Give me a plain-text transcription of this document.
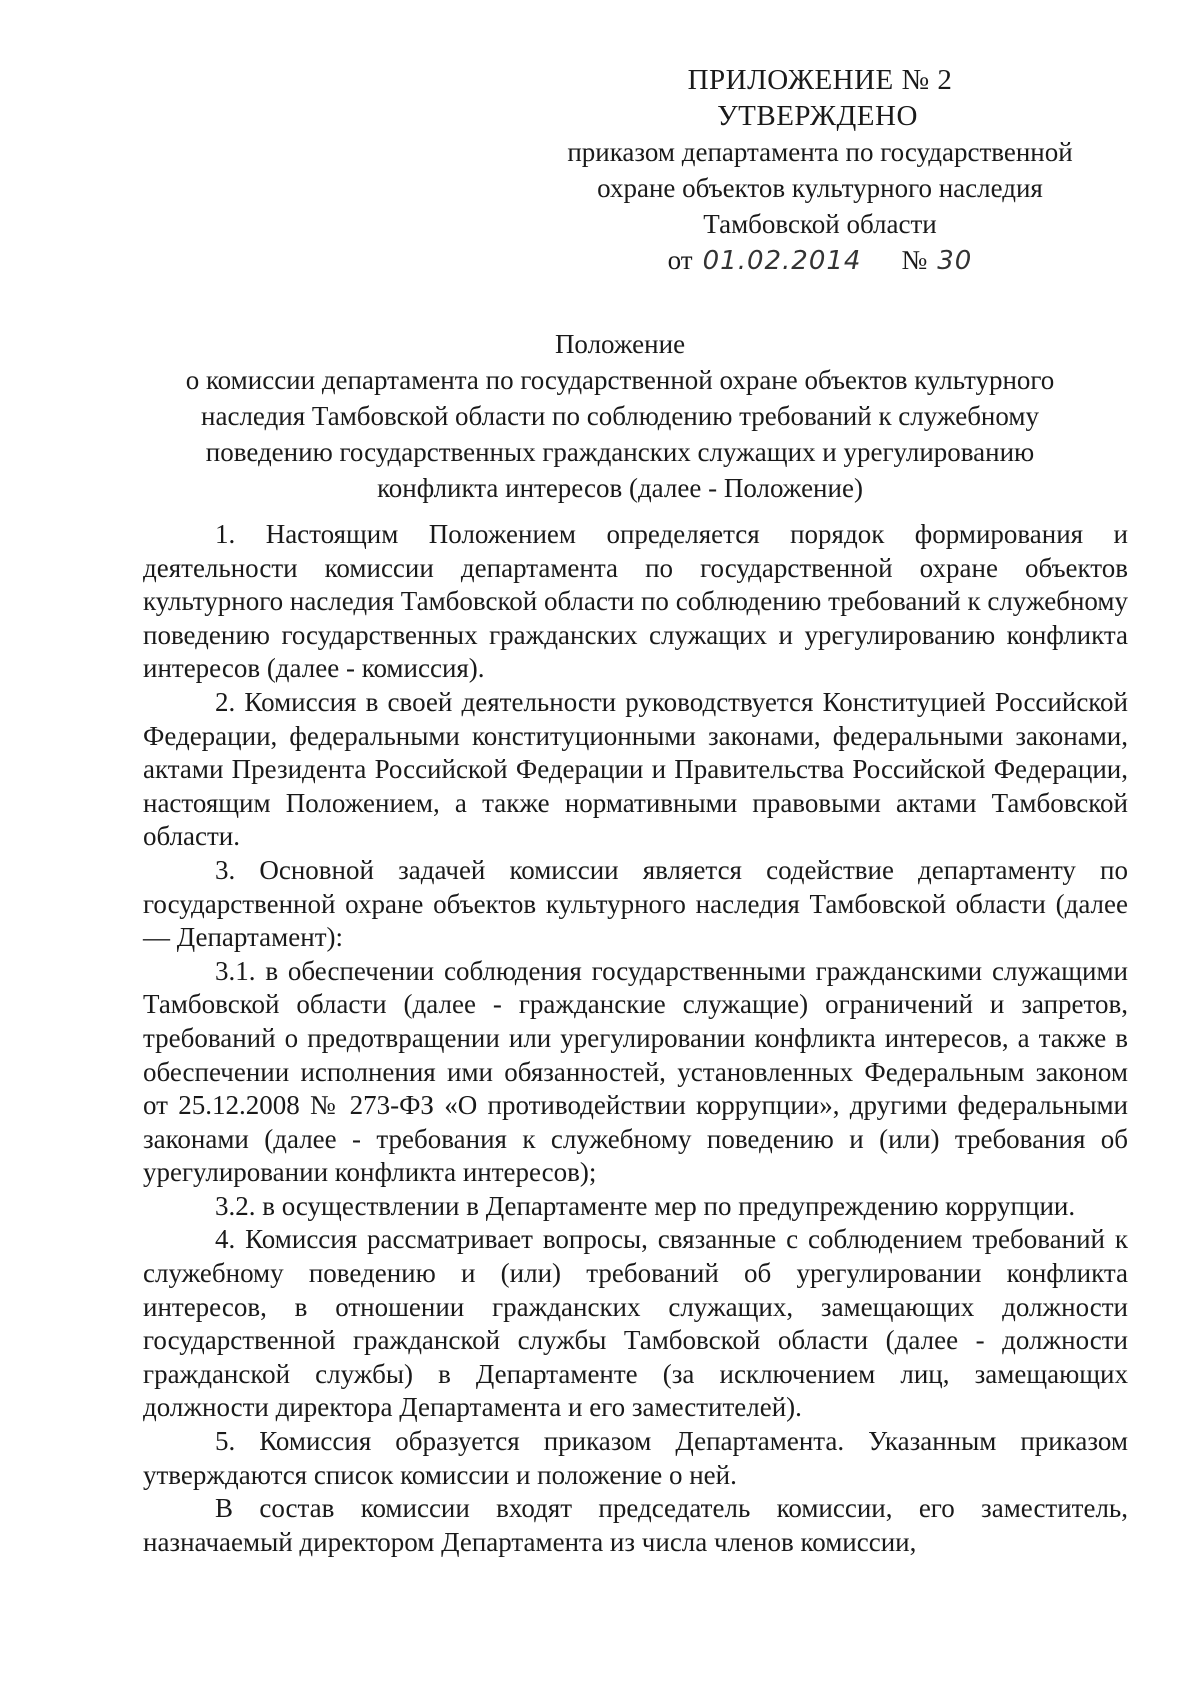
ПРИЛОЖЕНИЕ № 2
УТВЕРЖДЕНО
приказом департамента по государственной
охране объектов культурного наследия
Тамбовской области
от 01.02.2014 № 30
Положение
о комиссии департамента по государственной охране объектов культурного
наследия Тамбовской области по соблюдению требований к служебному
поведению государственных гражданских служащих и урегулированию
конфликта интересов (далее - Положение)

1. Настоящим Положением определяется порядок формирования и деятельности комиссии департамента по государственной охране объектов культурного наследия Тамбовской области по соблюдению требований к служебному поведению государственных гражданских служащих и урегулированию конфликта интересов (далее - комиссия).

2. Комиссия в своей деятельности руководствуется Конституцией Российской Федерации, федеральными конституционными законами, федеральными законами, актами Президента Российской Федерации и Правительства Российской Федерации, настоящим Положением, а также нормативными правовыми актами Тамбовской области.

3. Основной задачей комиссии является содействие департаменту по государственной охране объектов культурного наследия Тамбовской области (далее — Департамент):

3.1. в обеспечении соблюдения государственными гражданскими служащими Тамбовской области (далее - гражданские служащие) ограничений и запретов, требований о предотвращении или урегулировании конфликта интересов, а также в обеспечении исполнения ими обязанностей, установленных Федеральным законом от 25.12.2008 № 273-ФЗ «О противодействии коррупции», другими федеральными законами (далее - требования к служебному поведению и (или) требования об урегулировании конфликта интересов);

3.2. в осуществлении в Департаменте мер по предупреждению коррупции.

4. Комиссия рассматривает вопросы, связанные с соблюдением требований к служебному поведению и (или) требований об урегулировании конфликта интересов, в отношении гражданских служащих, замещающих должности государственной гражданской службы Тамбовской области (далее - должности гражданской службы) в Департаменте (за исключением лиц, замещающих должности директора Департамента и его заместителей).

5. Комиссия образуется приказом Департамента. Указанным приказом утверждаются список комиссии и положение о ней.

В состав комиссии входят председатель комиссии, его заместитель, назначаемый директором Департамента из числа членов комиссии,
